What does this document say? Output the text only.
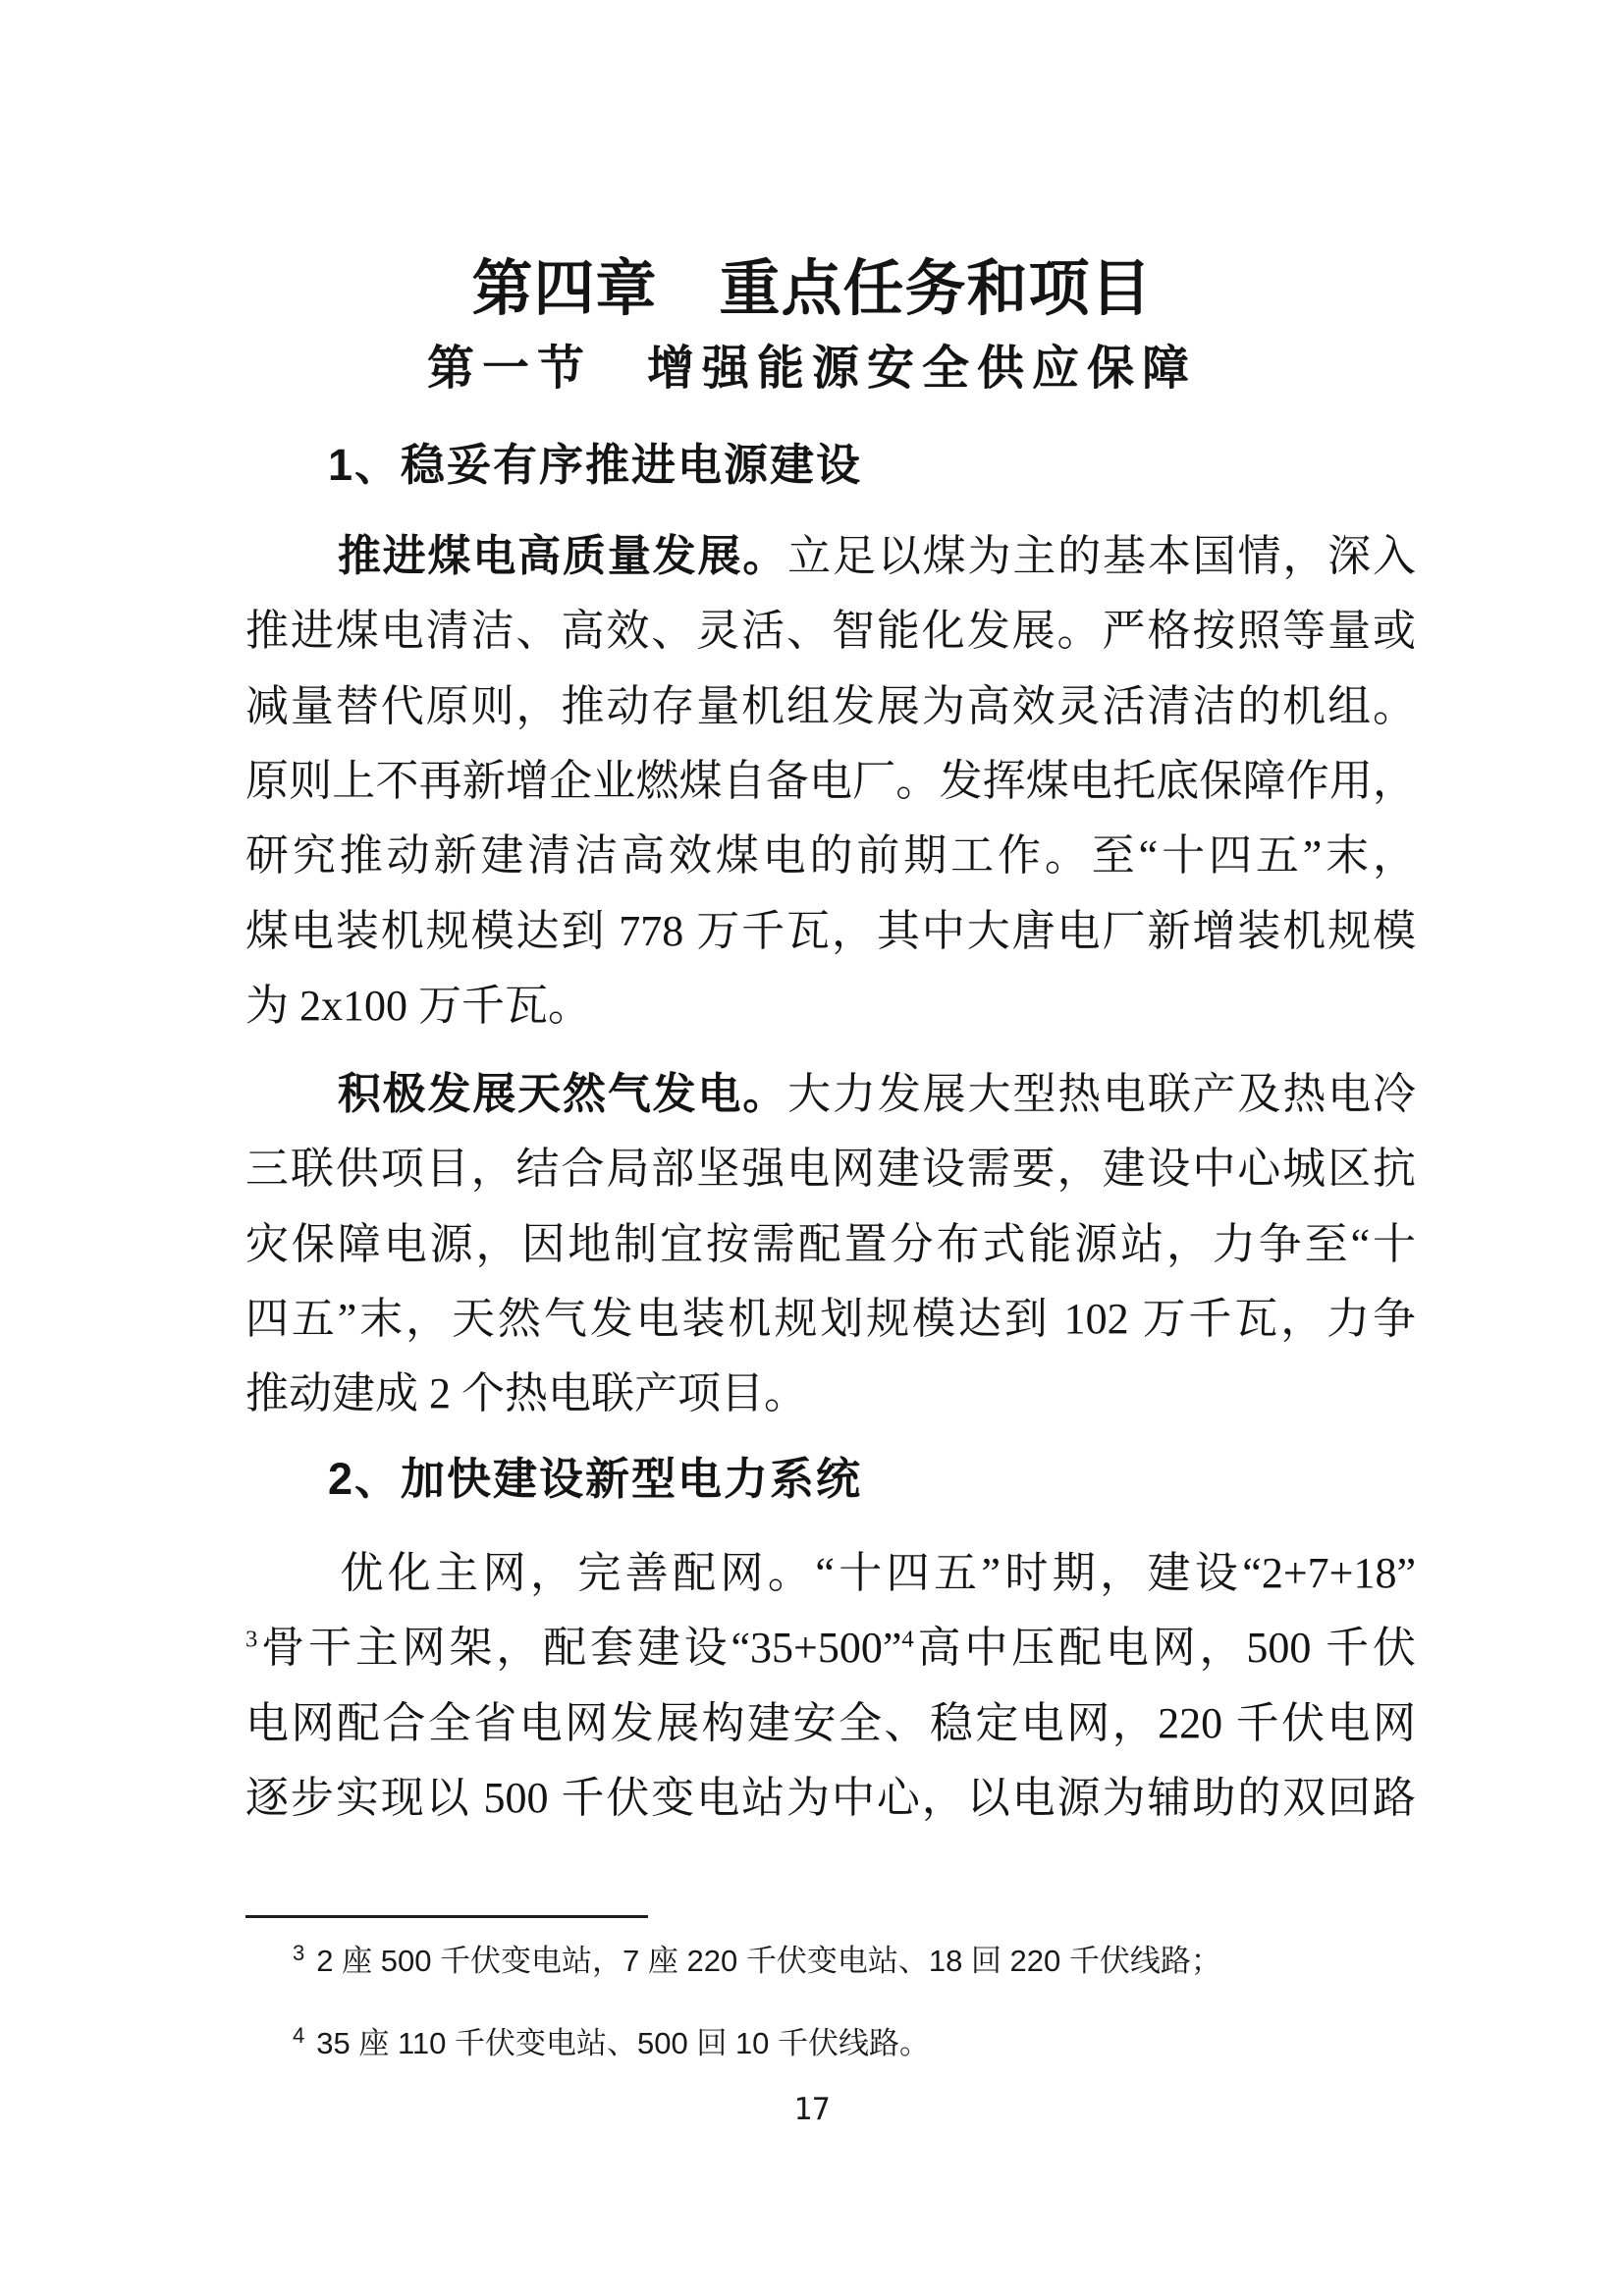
第四章　重点任务和项目
第一节　增强能源安全供应保障
1、稳妥有序推进电源建设
推进煤电高质量发展。立足以煤为主的基本国情，深入
推进煤电清洁、高效、灵活、智能化发展。严格按照等量或
减量替代原则，推动存量机组发展为高效灵活清洁的机组。
原则上不再新增企业燃煤自备电厂。发挥煤电托底保障作用，
研究推动新建清洁高效煤电的前期工作。至“十四五”末，
煤电装机规模达到 778 万千瓦，其中大唐电厂新增装机规模
为 2x100 万千瓦。
积极发展天然气发电。大力发展大型热电联产及热电冷
三联供项目，结合局部坚强电网建设需要，建设中心城区抗
灾保障电源，因地制宜按需配置分布式能源站，力争至“十
四五”末，天然气发电装机规划规模达到 102 万千瓦，力争
推动建成 2 个热电联产项目。
2、加快建设新型电力系统
优化主网，完善配网。“十四五”时期，建设“2+7+18”
$^3$骨干主网架，配套建设“35+500”$^4$高中压配电网，500 千伏
电网配合全省电网发展构建安全、稳定电网，220 千伏电网
逐步实现以 500 千伏变电站为中心，以电源为辅助的双回路
$^3$ 2 座 500 千伏变电站，7 座 220 千伏变电站、18 回 220 千伏线路；
$^4$ 35 座 110 千伏变电站、500 回 10 千伏线路。
17
